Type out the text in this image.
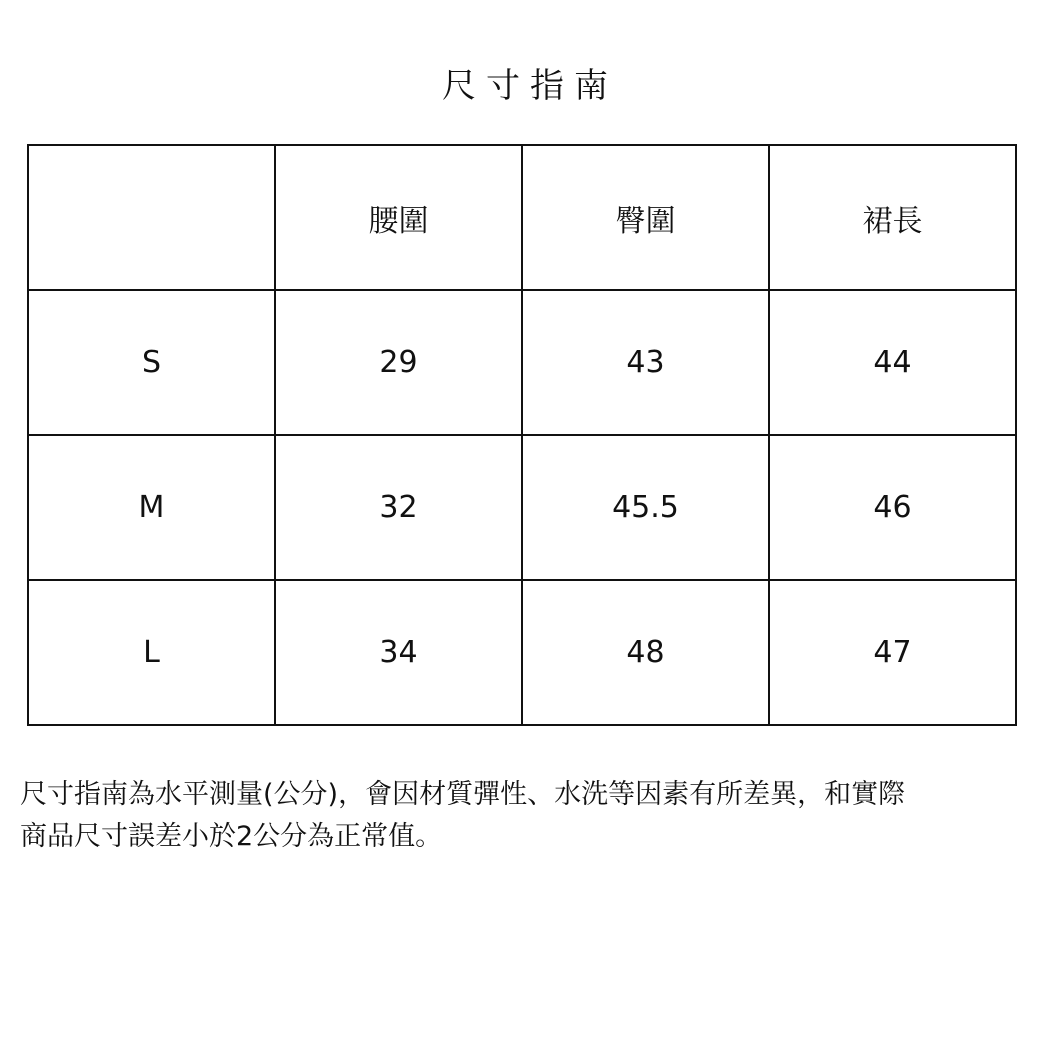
尺寸指南
	腰圍	臀圍	裙長
S	29	43	44
M	32	45.5	46
L	34	48	47
尺寸指南為水平測量(公分)，會因材質彈性、水洗等因素有所差異，和實際
商品尺寸誤差小於2公分為正常值。
